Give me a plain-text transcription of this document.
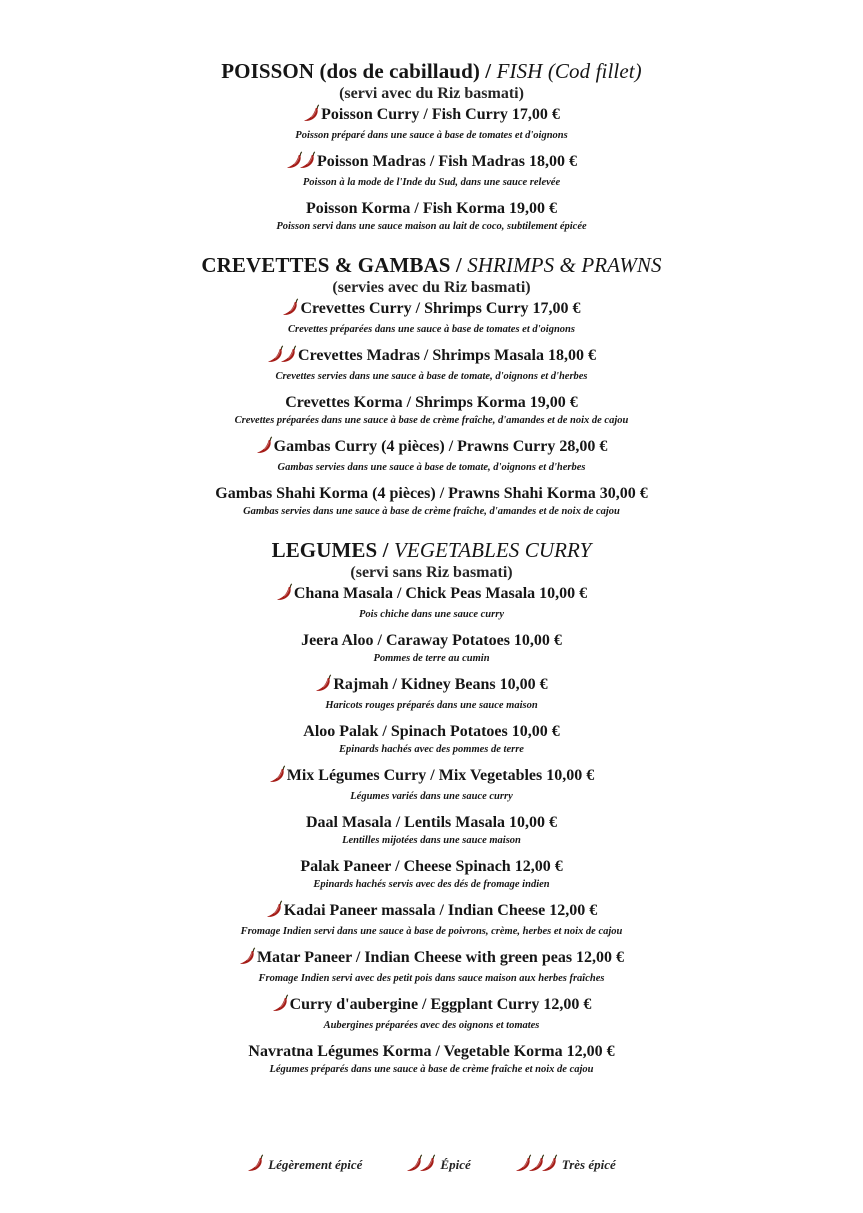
POISSON (dos de cabillaud) / FISH (Cod fillet)
(servi avec du Riz basmati)
Poisson Curry / Fish Curry 17,00 €
Poisson préparé dans une sauce à base de tomates et d'oignons
Poisson Madras / Fish Madras 18,00 €
Poisson à la mode de l'Inde du Sud, dans une sauce relevée
Poisson Korma / Fish Korma 19,00 €
Poisson servi dans une sauce maison au lait de coco, subtilement épicée
CREVETTES & GAMBAS / SHRIMPS & PRAWNS
(servies avec du Riz basmati)
Crevettes Curry / Shrimps Curry 17,00 €
Crevettes préparées dans une sauce à base de tomates et d'oignons
Crevettes Madras / Shrimps Masala 18,00 €
Crevettes servies dans une sauce à base de tomate, d'oignons et d'herbes
Crevettes Korma / Shrimps Korma 19,00 €
Crevettes préparées dans une sauce à base de crème fraîche, d'amandes et de noix de cajou
Gambas Curry (4 pièces) / Prawns Curry 28,00 €
Gambas servies dans une sauce à base de tomate, d'oignons et d'herbes
Gambas Shahi Korma (4 pièces) / Prawns Shahi Korma 30,00 €
Gambas servies dans une sauce à base de crème fraîche, d'amandes et de noix de cajou
LEGUMES / VEGETABLES CURRY
(servi sans Riz basmati)
Chana Masala / Chick Peas Masala 10,00 €
Pois chiche dans une sauce curry
Jeera Aloo / Caraway Potatoes 10,00 €
Pommes de terre au cumin
Rajmah / Kidney Beans 10,00 €
Haricots rouges préparés dans une sauce maison
Aloo Palak / Spinach Potatoes 10,00 €
Epinards hachés avec des pommes de terre
Mix Légumes Curry / Mix Vegetables 10,00 €
Légumes variés dans une sauce curry
Daal Masala / Lentils Masala 10,00 €
Lentilles mijotées dans une sauce maison
Palak Paneer / Cheese Spinach 12,00 €
Epinards hachés servis avec des dés de fromage indien
Kadai Paneer massala / Indian Cheese 12,00 €
Fromage Indien servi dans une sauce à base de poivrons, crème, herbes et noix de cajou
Matar Paneer / Indian Cheese with green peas 12,00 €
Fromage Indien servi avec des petit pois dans sauce maison aux herbes fraîches
Curry d'aubergine / Eggplant Curry 12,00 €
Aubergines préparées avec des oignons et tomates
Navratna Légumes Korma / Vegetable Korma 12,00 €
Légumes préparés dans une sauce à base de crème fraîche et noix de cajou
Légèrement épicé	Épicé	Très épicé
